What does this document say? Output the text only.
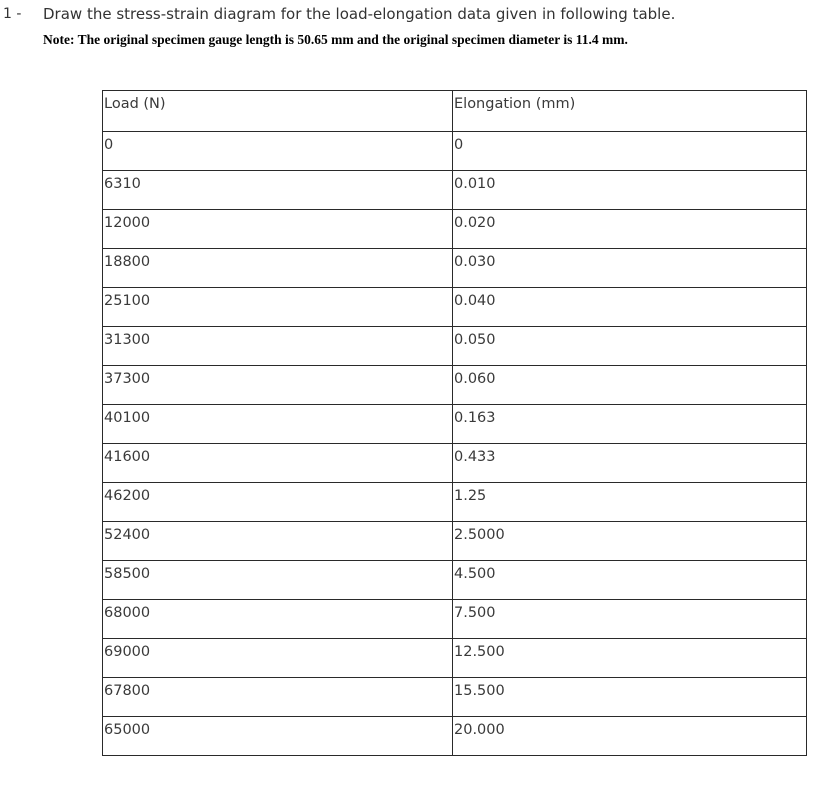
1 - Draw the stress-strain diagram for the load-elongation data given in following table.
Note: The original specimen gauge length is 50.65 mm and the original specimen diameter is 11.4 mm.
Load (N)	Elongation (mm)
0	0
6310	0.010
12000	0.020
18800	0.030
25100	0.040
31300	0.050
37300	0.060
40100	0.163
41600	0.433
46200	1.25
52400	2.5000
58500	4.500
68000	7.500
69000	12.500
67800	15.500
65000	20.000
